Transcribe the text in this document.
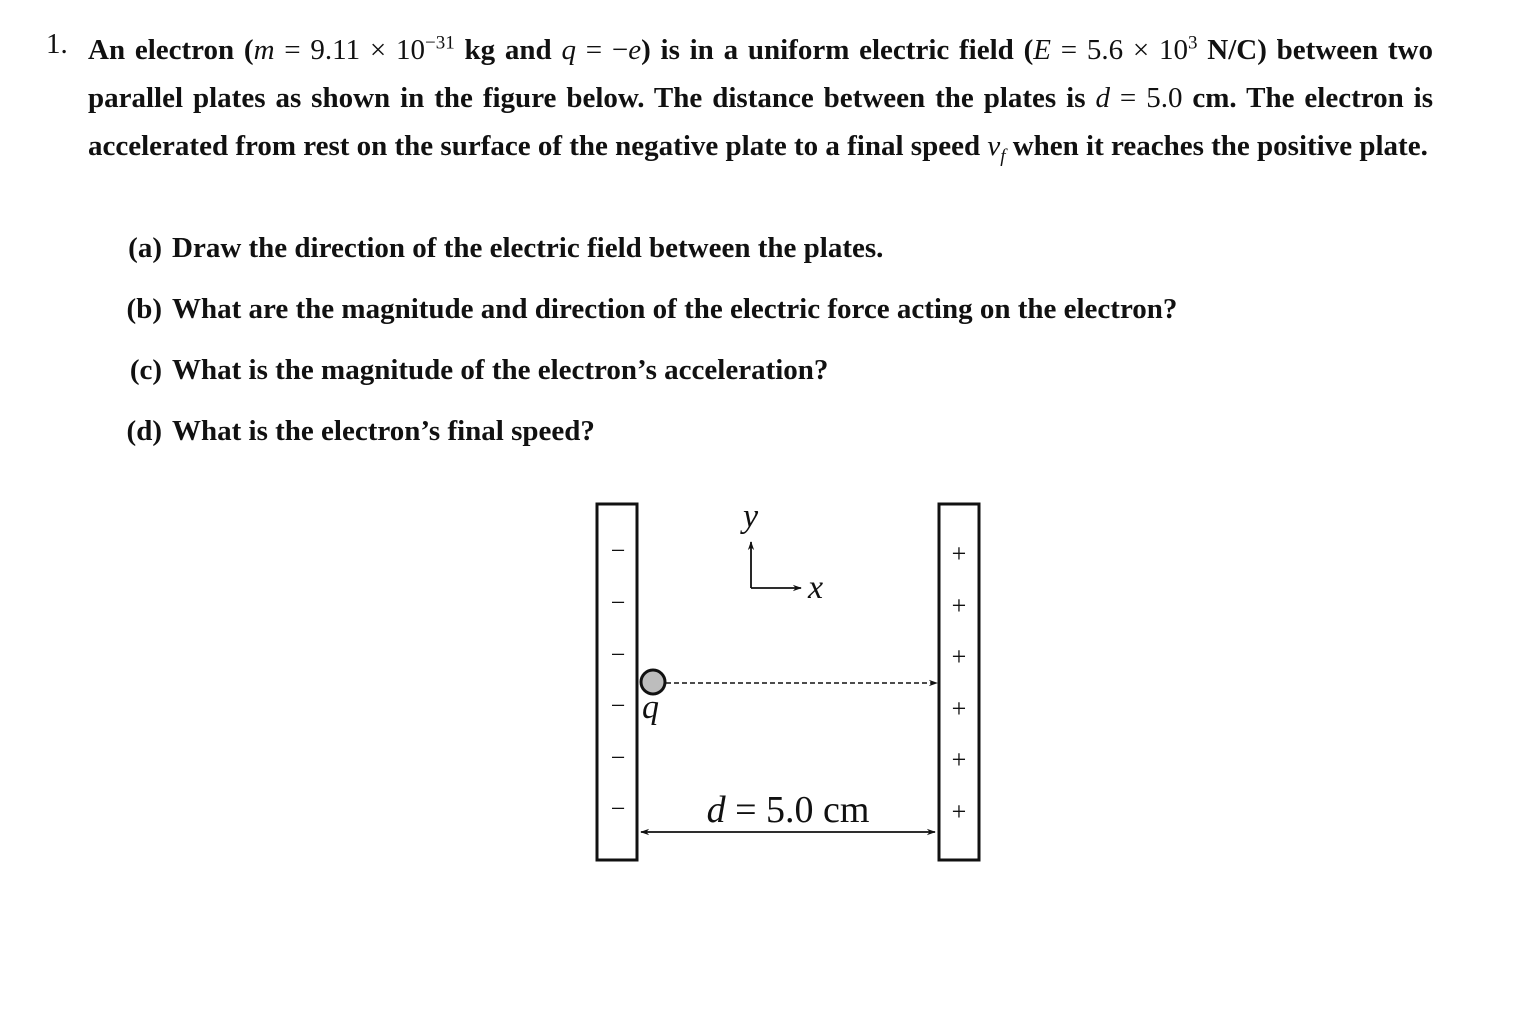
1. An electron ($m = 9.11 \times 10^{-31}$ kg and q = −e) is in a uniform electric field ($E = 5.6 \times 10^3$ N/C) between two parallel plates as shown in the figure below. The distance between the plates is d = 5.0 cm. The electron is accelerated from rest on the surface of the negative plate to a final speed $v_f$ when it reaches the positive plate.
(a) Draw the direction of the electric field between the plates.
(b) What are the magnitude and direction of the electric force acting on the electron?
(c) What is the magnitude of the electron’s acceleration?
(d) What is the electron’s final speed?
−
−
−
−
−
−
+
+
+
+
+
+
y
x
q
d = 5.0 cm
